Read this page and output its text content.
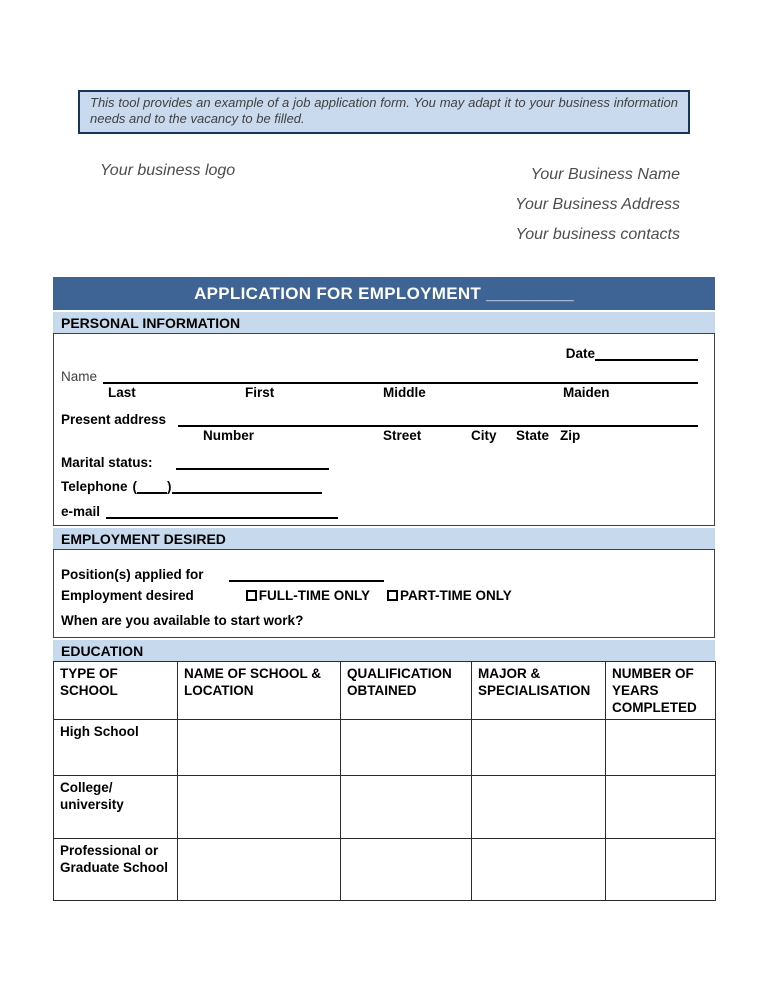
This tool provides an example of a job application form. You may adapt it to your business information needs and to the vacancy to be filled.
Your business logo	Your Business Name
Your Business Address
Your business contacts
APPLICATION FOR EMPLOYMENT _________
PERSONAL INFORMATION
Date
Name
Last	First	Middle	Maiden
Present address
Number	Street	City State Zip
Marital status:
Telephone ( )
e-mail
EMPLOYMENT DESIRED
Position(s) applied for
Employment desired	FULL-TIME ONLY PART-TIME ONLY
When are you available to start work?
EDUCATION
TYPE OF SCHOOL	NAME OF SCHOOL & LOCATION	QUALIFICATION OBTAINED	MAJOR & SPECIALISATION	NUMBER OF YEARS COMPLETED
High School				
College/ university				
Professional or Graduate School				
